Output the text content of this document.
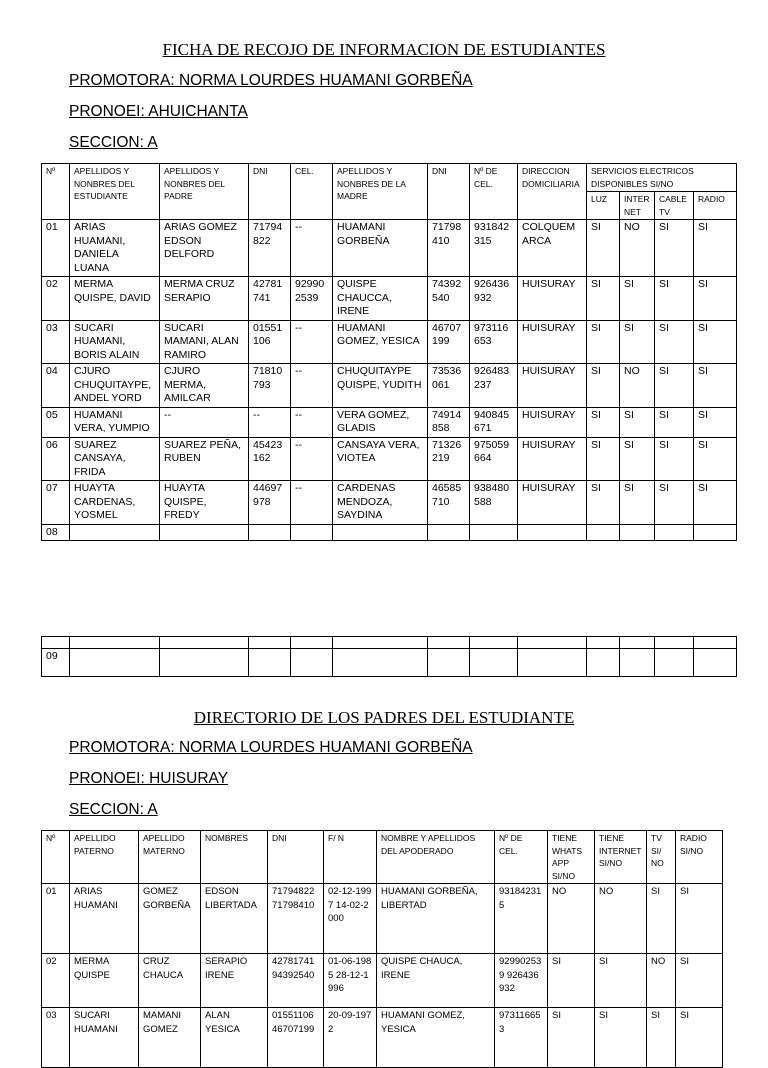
FICHA DE RECOJO DE INFORMACION DE ESTUDIANTES
PROMOTORA: NORMA LOURDES HUAMANI GORBEÑA
PRONOEI: AHUICHANTA
SECCION: A
Nº	APELLIDOS Y NONBRES DEL ESTUDIANTE	APELLIDOS Y NONBRES DEL PADRE	DNI	CEL.	APELLIDOS Y NONBRES DE LA MADRE	DNI	Nº DE CEL.	DIRECCION DOMICILIARIA	SERVICIOS ELECTRICOS DISPONIBLES SI/NO			
									LUZ	INTER NET	CABLE TV	RADIO
01	ARIAS HUAMANI, DANIELA LUANA	ARIAS GOMEZ EDSON DELFORD	71794822	--	HUAMANI GORBEÑA	71798410	931842315	COLQUEMARCA	SI	NO	SI	SI
02	MERMA QUISPE, DAVID	MERMA CRUZ SERAPIO	42781741	929902539	QUISPE CHAUCCA, IRENE	74392540	926436932	HUISURAY	SI	SI	SI	SI
03	SUCARI HUAMANI, BORIS ALAIN	SUCARI MAMANI, ALAN RAMIRO	01551106	--	HUAMANI GOMEZ, YESICA	46707199	973116653	HUISURAY	SI	SI	SI	SI
04	CJURO CHUQUITAYPE, ANDEL YORD	CJURO MERMA, AMILCAR	71810793	--	CHUQUITAYPE QUISPE, YUDITH	73536061	926483237	HUISURAY	SI	NO	SI	SI
05	HUAMANI VERA, YUMPIO	--	--	--	VERA GOMEZ, GLADIS	74914858	940845671	HUISURAY	SI	SI	SI	SI
06	SUAREZ CANSAYA, FRIDA	SUAREZ PEÑA, RUBEN	45423162	--	CANSAYA VERA, VIOTEA	71326219	975059664	HUISURAY	SI	SI	SI	SI
07	HUAYTA CARDENAS, YOSMEL	HUAYTA QUISPE, FREDY	44697978	--	CARDENAS MENDOZA, SAYDINA	46585710	938480588	HUISURAY	SI	SI	SI	SI
08												

09												
DIRECTORIO DE LOS PADRES DEL ESTUDIANTE
PROMOTORA: NORMA LOURDES HUAMANI GORBEÑA
PRONOEI: HUISURAY
SECCION: A
Nº	APELLIDO PATERNO	APELLIDO MATERNO	NOMBRES	DNI	F/ N	NOMBRE Y APELLIDOS DEL APODERADO	Nº DE CEL.	TIENE WHATS APP SI/NO	TIENE INTERNET SI/NO	TV SI/ NO	RADIO SI/NO
01	ARIAS HUAMANI	GOMEZ GORBEÑA	EDSON LIBERTADA	71794822 71798410	02-12-1997 14-02-2000	HUAMANI GORBEÑA, LIBERTAD	931842315	NO	NO	SI	SI
02	MERMA QUISPE	CRUZ CHAUCA	SERAPIO IRENE	42781741 94392540	01-06-1985 28-12-1996	QUISPE CHAUCA, IRENE	929902539 926436932	SI	SI	NO	SI
03	SUCARI HUAMANI	MAMANI GOMEZ	ALAN YESICA	01551106 46707199	20-09-1972	HUAMANI GOMEZ, YESICA	973116653	SI	SI	SI	SI
